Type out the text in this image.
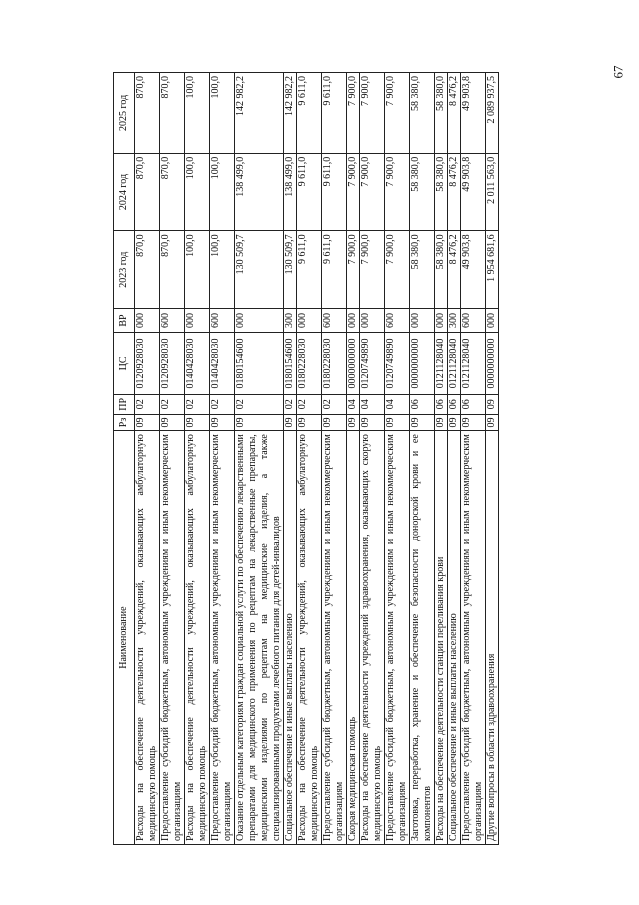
67
Наименование	Рз	ПР	ЦС	ВР	2023 год	2024 год	2025 год
Расходы на обеспечение деятельности учреждений, оказывающих амбулаторную медицинскую помощь	09	02	0120928030	000	870,0	870,0	870,0
Предоставление субсидий бюджетным, автономным учреждениям и иным некоммерческим организациям	09	02	0120928030	600	870,0	870,0	870,0
Расходы на обеспечение деятельности учреждений, оказывающих амбулаторную медицинскую помощь	09	02	0140428030	000	100,0	100,0	100,0
Предоставление субсидий бюджетным, автономным учреждениям и иным некоммерческим организациям	09	02	0140428030	600	100,0	100,0	100,0
Оказание отдельным категориям граждан социальной услуги по обеспечению лекарственными препаратами для медицинского применения по рецептам на лекарственные препараты, медицинскими изделиями по рецептам на медицинские изделия, а также специализированными продуктами лечебного питания для детей-инвалидов	09	02	0180154600	000	130 509,7	138 499,0	142 982,2
Социальное обеспечение и иные выплаты населению	09	02	0180154600	300	130 509,7	138 499,0	142 982,2
Расходы на обеспечение деятельности учреждений, оказывающих амбулаторную медицинскую помощь	09	02	0180228030	000	9 611,0	9 611,0	9 611,0
Предоставление субсидий бюджетным, автономным учреждениям и иным некоммерческим организациям	09	02	0180228030	600	9 611,0	9 611,0	9 611,0
Скорая медицинская помощь	09	04	0000000000	000	7 900,0	7 900,0	7 900,0
Расходы на обеспечение деятельности учреждений здравоохранения, оказывающих скорую медицинскую помощь	09	04	0120749890	000	7 900,0	7 900,0	7 900,0
Предоставление субсидий бюджетным, автономным учреждениям и иным некоммерческим организациям	09	04	0120749890	600	7 900,0	7 900,0	7 900,0
Заготовка, переработка, хранение и обеспечение безопасности донорской крови и ее компонентов	09	06	0000000000	000	58 380,0	58 380,0	58 380,0
Расходы на обеспечение деятельности станции переливания крови	09	06	0121128040	000	58 380,0	58 380,0	58 380,0
Социальное обеспечение и иные выплаты населению	09	06	0121128040	300	8 476,2	8 476,2	8 476,2
Предоставление субсидий бюджетным, автономным учреждениям и иным некоммерческим организациям	09	06	0121128040	600	49 903,8	49 903,8	49 903,8
Другие вопросы в области здравоохранения	09	09	0000000000	000	1 954 681,6	2 011 563,0	2 089 937,5
